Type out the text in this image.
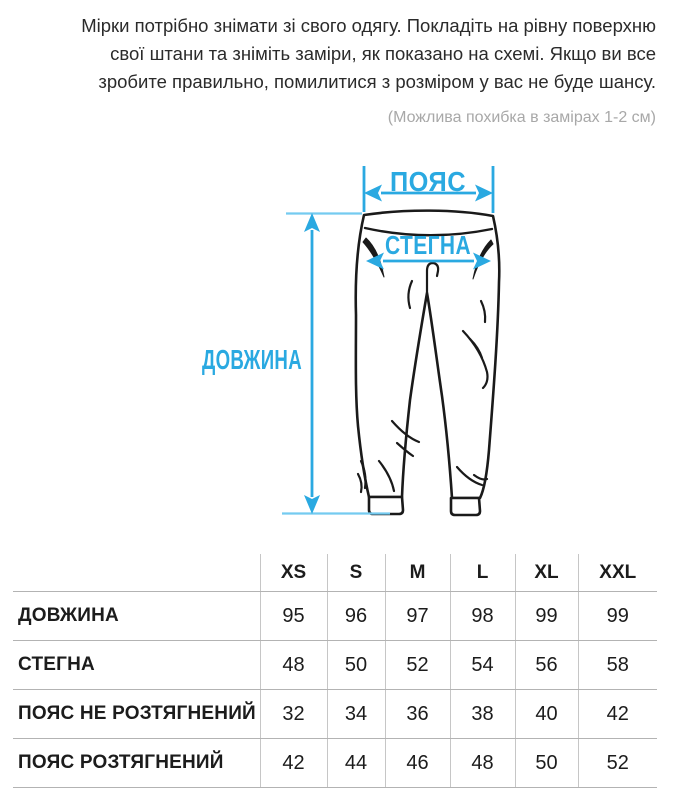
Мірки потрібно знімати зі свого одягу. Покладіть на рівну поверхню
свої штани та зніміть заміри, як показано на схемі. Якщо ви все
зробите правильно, помилитися з розміром у вас не буде шансу.
(Можлива похибка в замірах 1-2 см)
ПОЯС
СТЕГНА
ДОВЖИНА
	XS	S	M	L	XL	XXL
ДОВЖИНА	95	96	97	98	99	99
СТЕГНА	48	50	52	54	56	58
ПОЯС НЕ РОЗТЯГНЕНИЙ	32	34	36	38	40	42
ПОЯС РОЗТЯГНЕНИЙ	42	44	46	48	50	52
